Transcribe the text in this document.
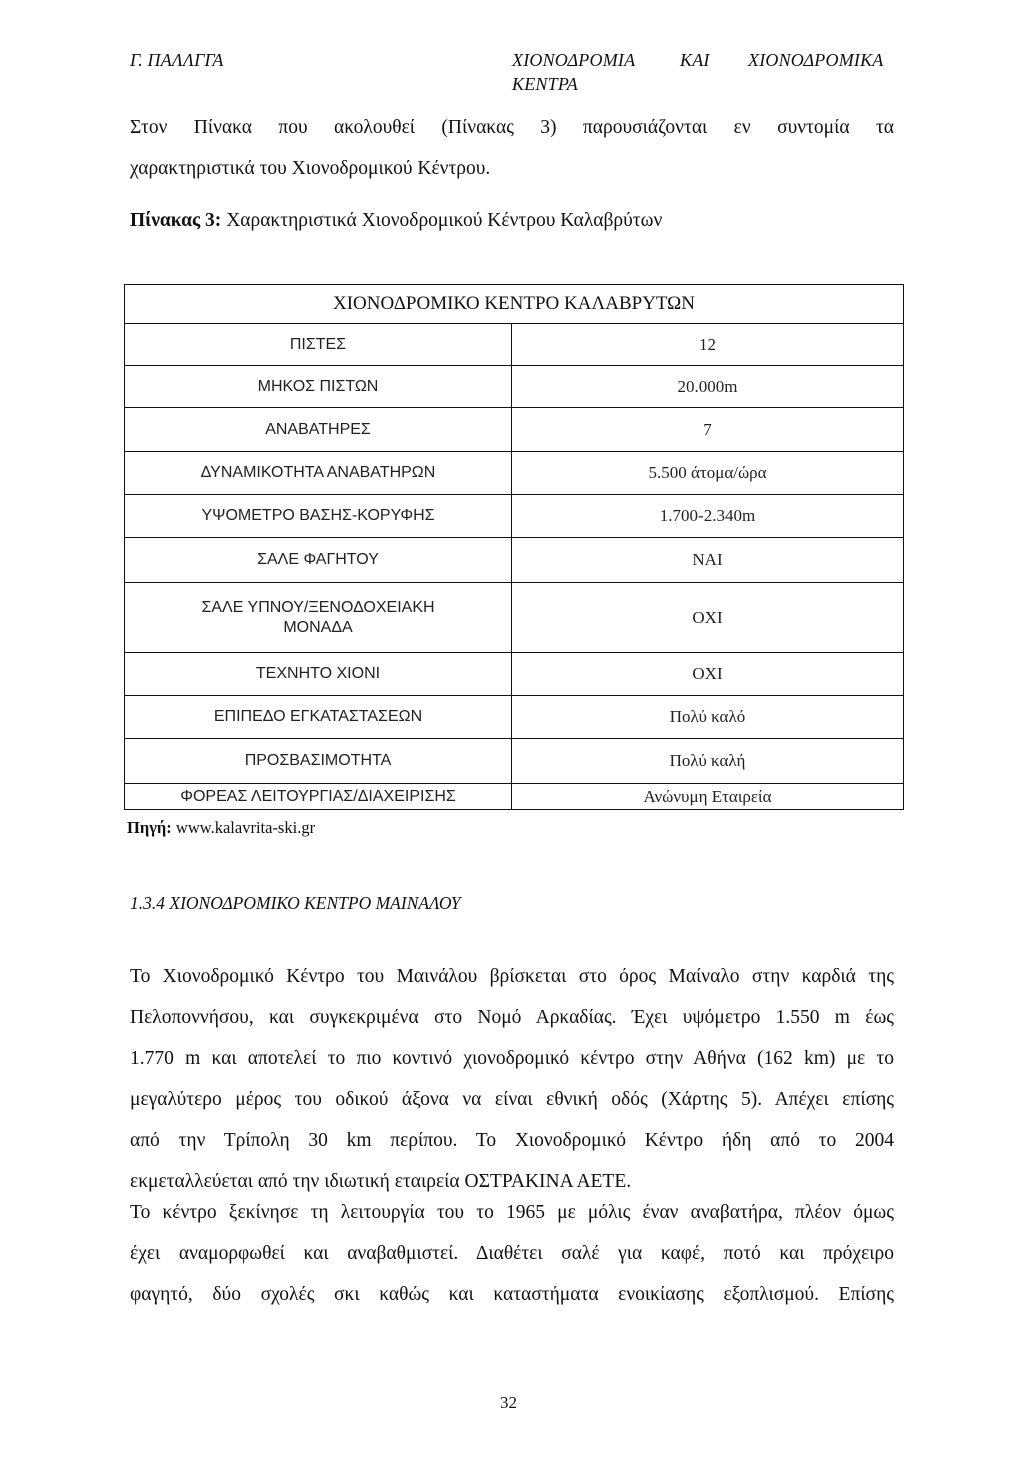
Γ. ΠΑΛΛΓΓΑ	ΧΙΟΝΟΔΡΟΜΙΑ ΚΑΙ ΧΙΟΝΟΔΡΟΜΙΚΑ
ΚΕΝΤΡΑ
Στον Πίνακα που ακολουθεί (Πίνακας 3) παρουσιάζονται εν συντομία τα
χαρακτηριστικά του Χιονοδρομικού Κέντρου.
Πίνακας 3: Χαρακτηριστικά Χιονοδρομικού Κέντρου Καλαβρύτων
ΧΙΟΝΟΔΡΟΜΙΚΟ ΚΕΝΤΡΟ ΚΑΛΑΒΡΥΤΩΝ	
ΠΙΣΤΕΣ	12
ΜΗΚΟΣ ΠΙΣΤΩΝ	20.000m
ΑΝΑΒΑΤΗΡΕΣ	7
ΔΥΝΑΜΙΚΟΤΗΤΑ ΑΝΑΒΑΤΗΡΩΝ	5.500 άτομα/ώρα
ΥΨΟΜΕΤΡΟ ΒΑΣΗΣ-ΚΟΡΥΦΗΣ	1.700-2.340m
ΣΑΛΕ ΦΑΓΗΤΟΥ	ΝΑΙ

ΣΑΛΕ ΥΠΝΟΥ/ΞΕΝΟΔΟΧΕΙΑΚΗ ΜΟΝΑΔΑ	ΟΧΙ
ΤΕΧΝΗΤΟ ΧΙΟΝΙ	ΟΧΙ
ΕΠΙΠΕΔΟ ΕΓΚΑΤΑΣΤΑΣΕΩΝ	Πολύ καλό
ΠΡΟΣΒΑΣΙΜΟΤΗΤΑ	Πολύ καλή
ΦΟΡΕΑΣ ΛΕΙΤΟΥΡΓΙΑΣ/ΔΙΑΧΕΙΡΙΣΗΣ	Ανώνυμη Εταιρεία
Πηγή: www.kalavrita-ski.gr
1.3.4 ΧΙΟΝΟΔΡΟΜΙΚΟ ΚΕΝΤΡΟ ΜΑΙΝΑΛΟΥ
Το Χιονοδρομικό Κέντρο του Μαινάλου βρίσκεται στο όρος Μαίναλο στην καρδιά της
Πελοποννήσου, και συγκεκριμένα στο Νομό Αρκαδίας. Έχει υψόμετρο 1.550 m έως
1.770 m και αποτελεί το πιο κοντινό χιονοδρομικό κέντρο στην Αθήνα (162 km) με το
μεγαλύτερο μέρος του οδικού άξονα να είναι εθνική οδός (Χάρτης 5). Απέχει επίσης
από την Τρίπολη 30 km περίπου. Το Χιονοδρομικό Κέντρο ήδη από το 2004
εκμεταλλεύεται από την ιδιωτική εταιρεία ΟΣΤΡΑΚΙΝΑ ΑΕΤΕ.
Το κέντρο ξεκίνησε τη λειτουργία του το 1965 με μόλις έναν αναβατήρα, πλέον όμως
έχει αναμορφωθεί και αναβαθμιστεί. Διαθέτει σαλέ για καφέ, ποτό και πρόχειρο
φαγητό, δύο σχολές σκι καθώς και καταστήματα ενοικίασης εξοπλισμού. Επίσης
32
